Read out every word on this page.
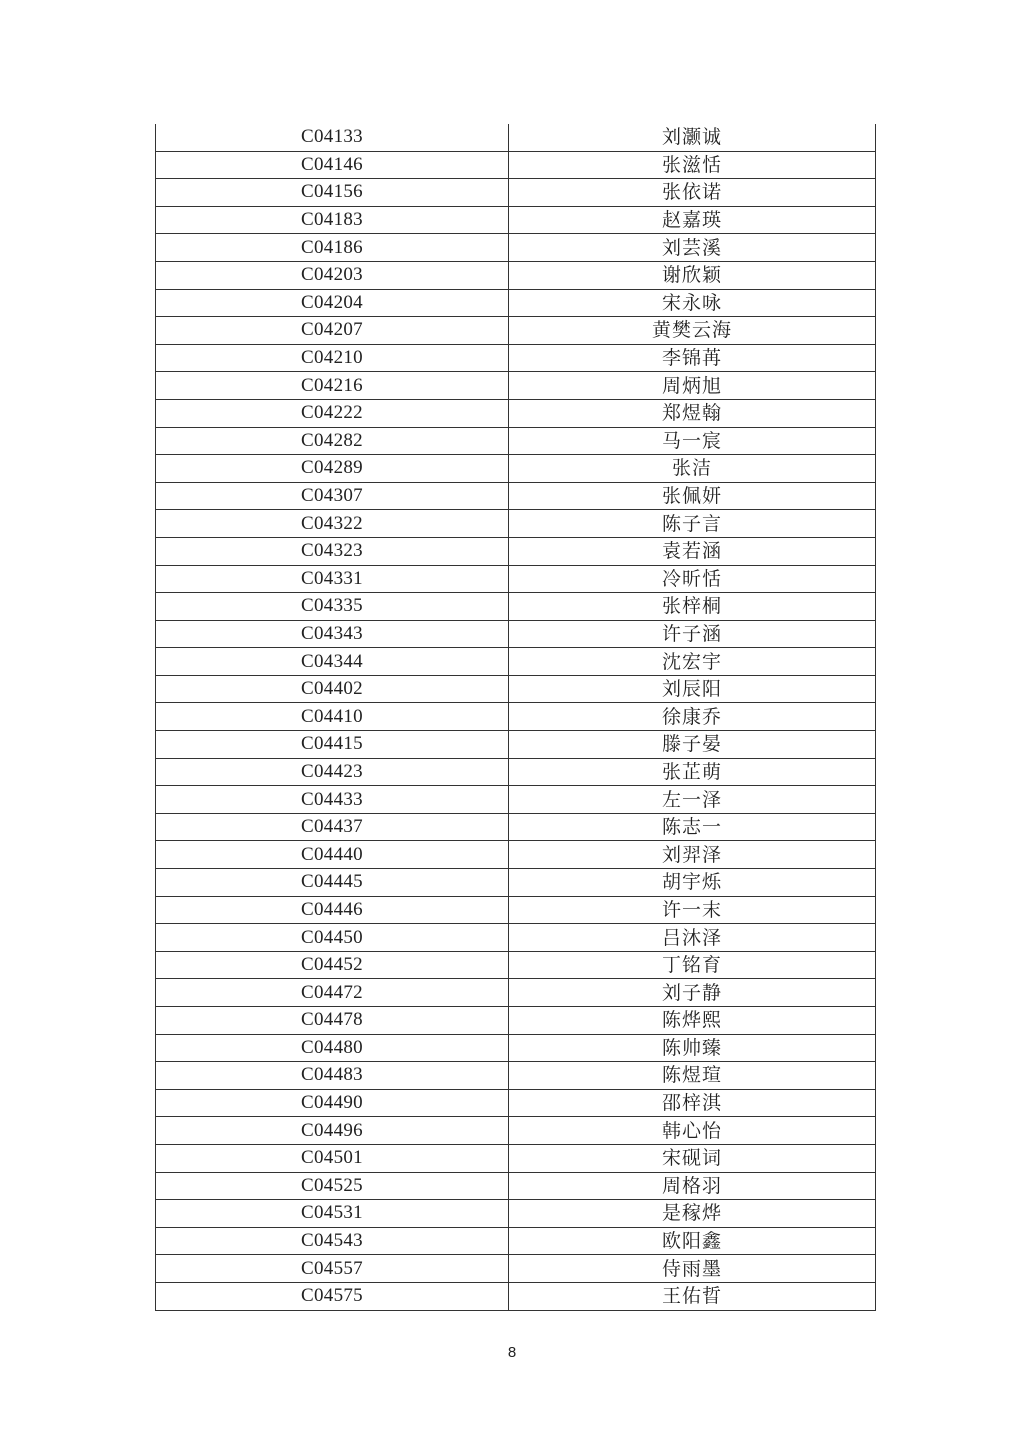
C04133	刘灏诚
C04146	张滋恬
C04156	张依诺
C04183	赵嘉瑛
C04186	刘芸溪
C04203	谢欣颖
C04204	宋永咏
C04207	黄樊云海
C04210	李锦苒
C04216	周炳旭
C04222	郑煜翰
C04282	马一宸
C04289	张洁
C04307	张佩妍
C04322	陈子言
C04323	袁若涵
C04331	冷昕恬
C04335	张梓桐
C04343	许子涵
C04344	沈宏宇
C04402	刘辰阳
C04410	徐康乔
C04415	滕子晏
C04423	张芷萌
C04433	左一泽
C04437	陈志一
C04440	刘羿泽
C04445	胡宇烁
C04446	许一末
C04450	吕沐泽
C04452	丁铭育
C04472	刘子静
C04478	陈烨熙
C04480	陈帅臻
C04483	陈煜瑄
C04490	邵梓淇
C04496	韩心怡
C04501	宋砚词
C04525	周格羽
C04531	是稼烨
C04543	欧阳鑫
C04557	侍雨墨
C04575	王佑晢
8
